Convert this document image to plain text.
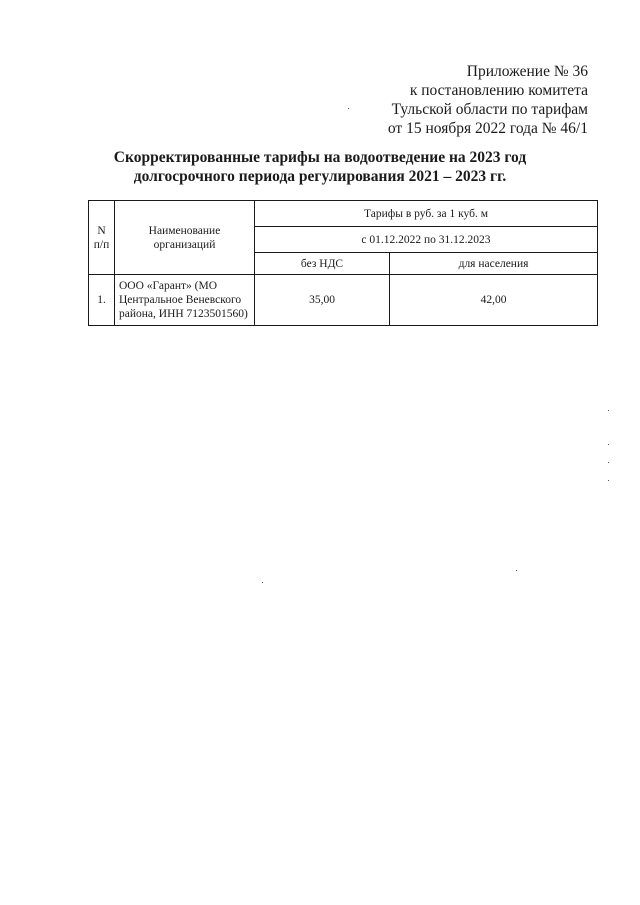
Приложение № 36
к постановлению комитета
Тульской области по тарифам
от 15 ноября 2022 года № 46/1
Скорректированные тарифы на водоотведение на 2023 год
долгосрочного периода регулирования 2021 – 2023 гг.
N п/п	Наименование организаций	Тарифы в руб. за 1 куб. м	
		с 01.12.2022 по 31.12.2023	
		без НДС	для населения
1.	ООО «Гарант» (МО Центральное Веневского района, ИНН 7123501560)	35,00	42,00
